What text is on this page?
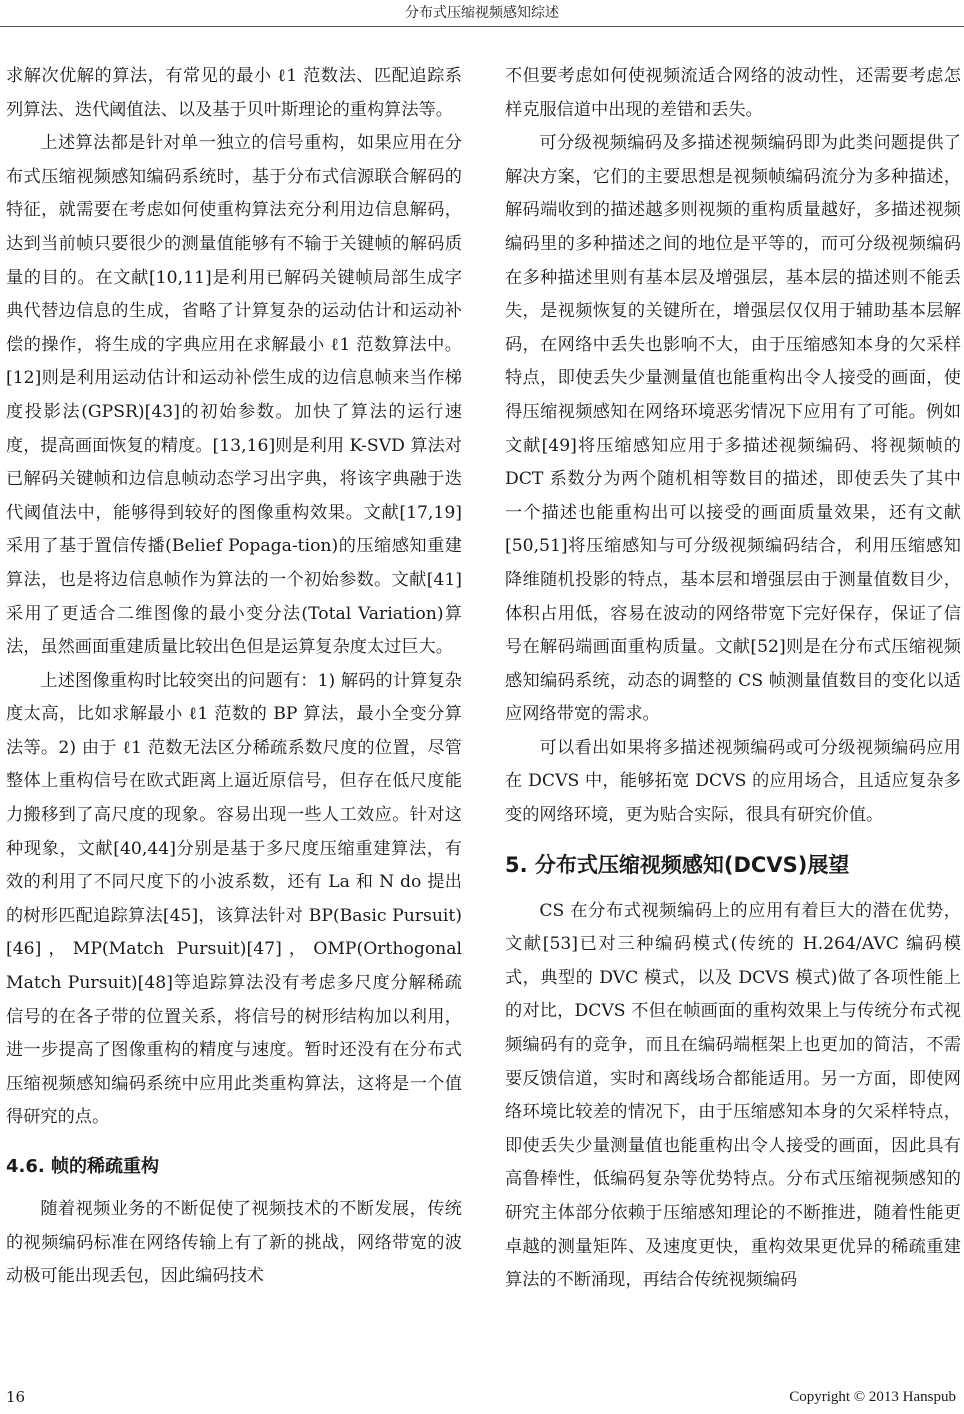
分布式压缩视频感知综述

求解次优解的算法，有常见的最小 ℓ1 范数法、匹配追踪系列算法、迭代阈值法、以及基于贝叶斯理论的重构算法等。

上述算法都是针对单一独立的信号重构，如果应用在分布式压缩视频感知编码系统时，基于分布式信源联合解码的特征，就需要在考虑如何使重构算法充分利用边信息解码，达到当前帧只要很少的测量值能够有不输于关键帧的解码质量的目的。在文献[10,11]是利用已解码关键帧局部生成字典代替边信息的生成，省略了计算复杂的运动估计和运动补偿的操作，将生成的字典应用在求解最小 ℓ1 范数算法中。[12]则是利用运动估计和运动补偿生成的边信息帧来当作梯度投影法(GPSR)[43]的初始参数。加快了算法的运行速度，提高画面恢复的精度。[13,16]则是利用 K-SVD 算法对已解码关键帧和边信息帧动态学习出字典，将该字典融于迭代阈值法中，能够得到较好的图像重构效果。文献[17,19]采用了基于置信传播(Belief Popaga-tion)的压缩感知重建算法，也是将边信息帧作为算法的一个初始参数。文献[41]采用了更适合二维图像的最小变分法(Total Variation)算法，虽然画面重建质量比较出色但是运算复杂度太过巨大。

上述图像重构时比较突出的问题有：1) 解码的计算复杂度太高，比如求解最小 ℓ1 范数的 BP 算法，最小全变分算法等。2) 由于 ℓ1 范数无法区分稀疏系数尺度的位置，尽管整体上重构信号在欧式距离上逼近原信号，但存在低尺度能力搬移到了高尺度的现象。容易出现一些人工效应。针对这种现象，文献[40,44]分别是基于多尺度压缩重建算法，有效的利用了不同尺度下的小波系数，还有 La 和 N do 提出的树形匹配追踪算法[45]，该算法针对 BP(Basic Pursuit)[46]，MP(Match Pursuit)[47]，OMP(Orthogonal Match Pursuit)[48]等追踪算法没有考虑多尺度分解稀疏信号的在各子带的位置关系，将信号的树形结构加以利用，进一步提高了图像重构的精度与速度。暂时还没有在分布式压缩视频感知编码系统中应用此类重构算法，这将是一个值得研究的点。

4.6. 帧的稀疏重构

随着视频业务的不断促使了视频技术的不断发展，传统的视频编码标准在网络传输上有了新的挑战，网络带宽的波动极可能出现丢包，因此编码技术

不但要考虑如何使视频流适合网络的波动性，还需要考虑怎样克服信道中出现的差错和丢失。

可分级视频编码及多描述视频编码即为此类问题提供了解决方案，它们的主要思想是视频帧编码流分为多种描述，解码端收到的描述越多则视频的重构质量越好，多描述视频编码里的多种描述之间的地位是平等的，而可分级视频编码在多种描述里则有基本层及增强层，基本层的描述则不能丢失，是视频恢复的关键所在，增强层仅仅用于辅助基本层解码，在网络中丢失也影响不大，由于压缩感知本身的欠采样特点，即使丢失少量测量值也能重构出令人接受的画面，使得压缩视频感知在网络环境恶劣情况下应用有了可能。例如文献[49]将压缩感知应用于多描述视频编码、将视频帧的 DCT 系数分为两个随机相等数目的描述，即使丢失了其中一个描述也能重构出可以接受的画面质量效果，还有文献[50,51]将压缩感知与可分级视频编码结合，利用压缩感知降维随机投影的特点，基本层和增强层由于测量值数目少，体积占用低，容易在波动的网络带宽下完好保存，保证了信号在解码端画面重构质量。文献[52]则是在分布式压缩视频感知编码系统，动态的调整的 CS 帧测量值数目的变化以适应网络带宽的需求。

可以看出如果将多描述视频编码或可分级视频编码应用在 DCVS 中，能够拓宽 DCVS 的应用场合，且适应复杂多变的网络环境，更为贴合实际，很具有研究价值。

5. 分布式压缩视频感知(DCVS)展望

CS 在分布式视频编码上的应用有着巨大的潜在优势，文献[53]已对三种编码模式(传统的 H.264/AVC 编码模式，典型的 DVC 模式，以及 DCVS 模式)做了各项性能上的对比，DCVS 不但在帧画面的重构效果上与传统分布式视频编码有的竞争，而且在编码端框架上也更加的简洁，不需要反馈信道，实时和离线场合都能适用。另一方面，即使网络环境比较差的情况下，由于压缩感知本身的欠采样特点，即使丢失少量测量值也能重构出令人接受的画面，因此具有高鲁棒性，低编码复杂等优势特点。分布式压缩视频感知的研究主体部分依赖于压缩感知理论的不断推进，随着性能更卓越的测量矩阵、及速度更快，重构效果更优异的稀疏重建算法的不断涌现，再结合传统视频编码

16	Copyright © 2013 Hanspub
